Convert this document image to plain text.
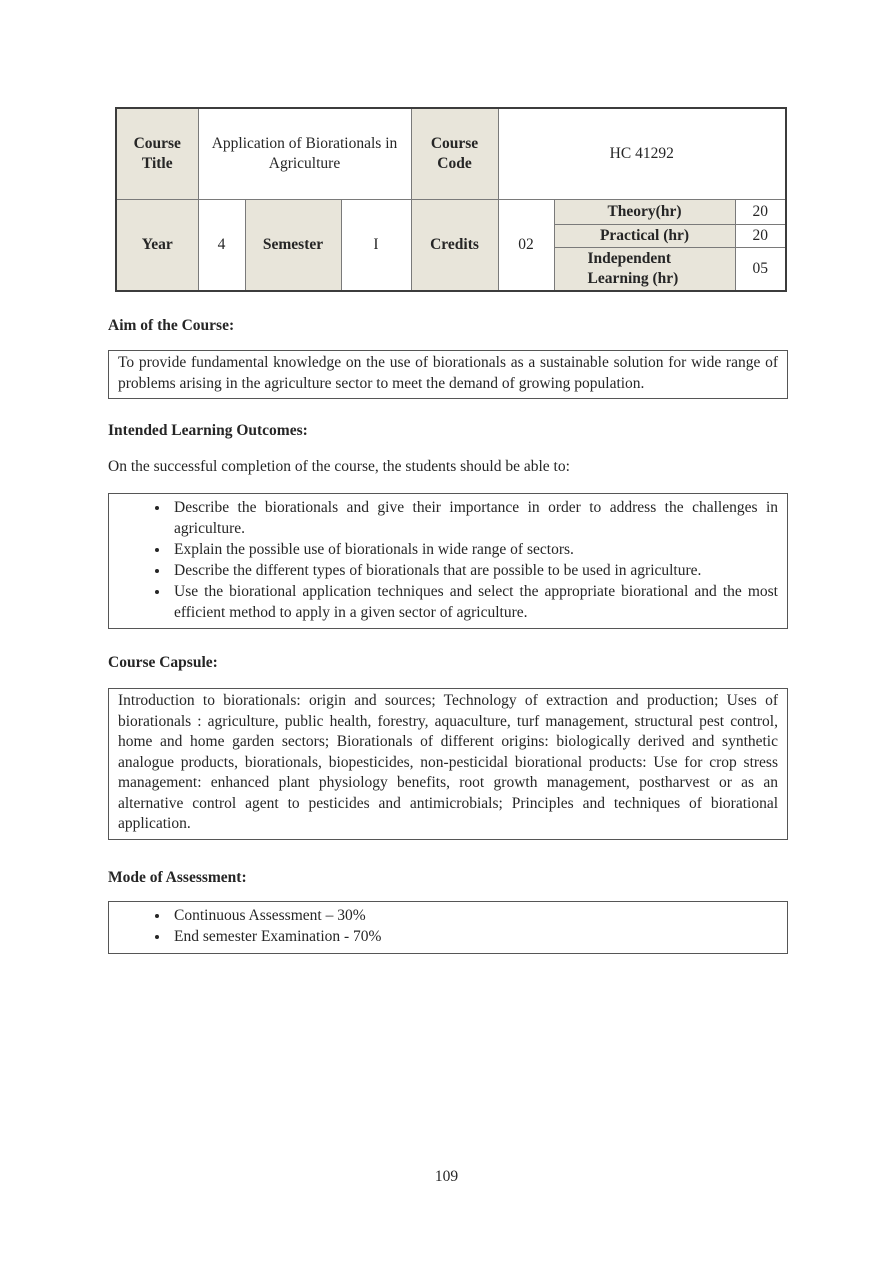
Course Title	Application of Biorationals in Agriculture			Course Code	HC 41292		
Year	4	Semester	I	Credits	02	Theory(hr)	20
						Practical (hr)	20
						Independent Learning (hr)	05
Aim of the Course:
To provide fundamental knowledge on the use of biorationals as a sustainable solution for wide range of problems arising in the agriculture sector to meet the demand of growing population.
Intended Learning Outcomes:
On the successful completion of the course, the students should be able to:
• Describe the biorationals and give their importance in order to address the challenges in agriculture.
• Explain the possible use of biorationals in wide range of sectors.
• Describe the different types of biorationals that are possible to be used in agriculture.
• Use the biorational application techniques and select the appropriate biorational and the most efficient method to apply in a given sector of agriculture.
Course Capsule:
Introduction to biorationals: origin and sources; Technology of extraction and production; Uses of biorationals : agriculture, public health, forestry, aquaculture, turf management, structural pest control, home and home garden sectors; Biorationals of different origins: biologically derived and synthetic analogue products, biorationals, biopesticides, non-pesticidal biorational products: Use for crop stress management: enhanced plant physiology benefits, root growth management, postharvest or as an alternative control agent to pesticides and antimicrobials; Principles and techniques of biorational application.
Mode of Assessment:
• Continuous Assessment – 30%
• End semester Examination - 70%
109
